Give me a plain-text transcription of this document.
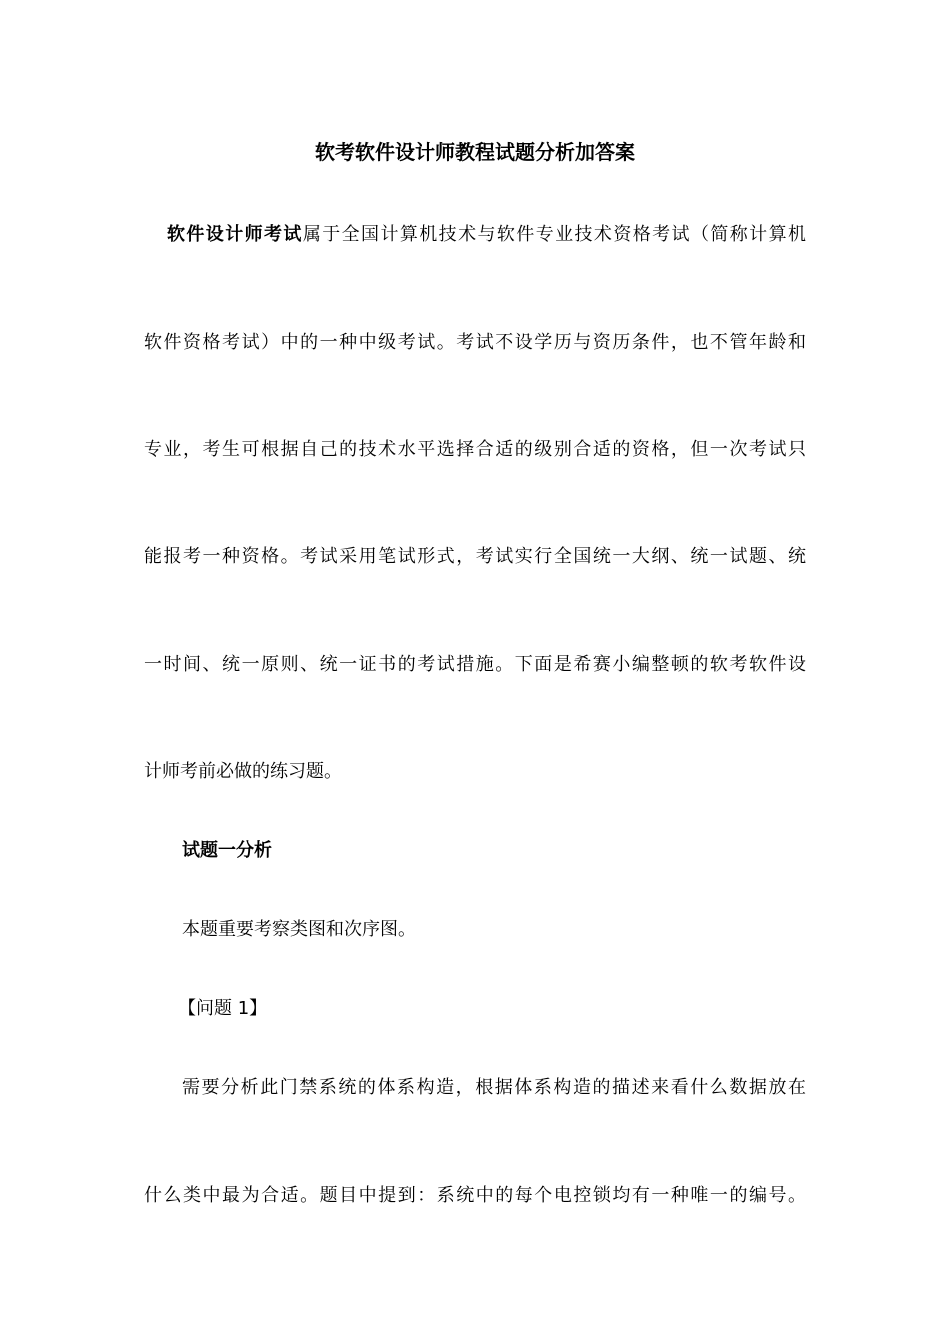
软考软件设计师教程试题分析加答案

软件设计师考试属于全国计算机技术与软件专业技术资格考试（简称计算机

软件资格考试）中的一种中级考试。考试不设学历与资历条件，也不管年龄和

专业，考生可根据自己的技术水平选择合适的级别合适的资格，但一次考试只

能报考一种资格。考试采用笔试形式，考试实行全国统一大纲、统一试题、统

一时间、统一原则、统一证书的考试措施。下面是希赛小编整顿的软考软件设

计师考前必做的练习题。

试题一分析

本题重要考察类图和次序图。

【问题 1】

需要分析此门禁系统的体系构造，根据体系构造的描述来看什么数据放在

什么类中最为合适。题目中提到：系统中的每个电控锁均有一种唯一的编号。
